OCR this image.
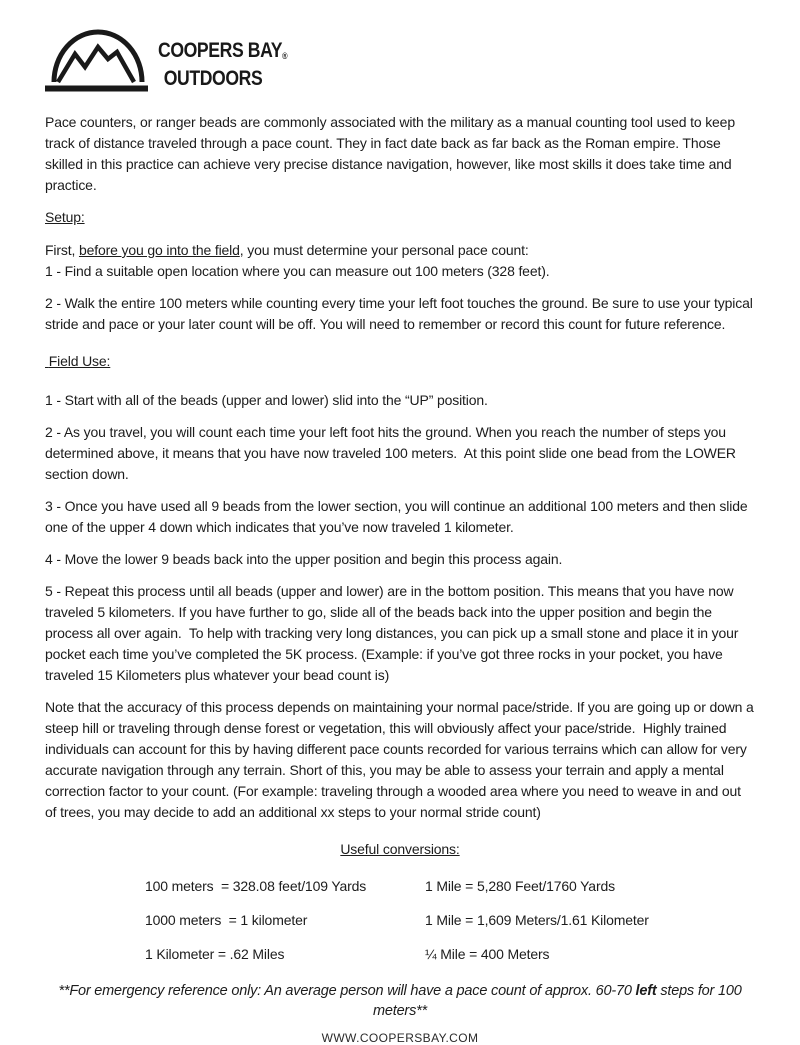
COOPERS BAY®
OUTDOORS

Pace counters, or ranger beads are commonly associated with the military as a manual counting tool used to keep track of distance traveled through a pace count. They in fact date back as far back as the Roman empire. Those skilled in this practice can achieve very precise distance navigation, however, like most skills it does take time and practice.

Setup:

First, before you go into the field, you must determine your personal pace count:

1 - Find a suitable open location where you can measure out 100 meters (328 feet).

2 - Walk the entire 100 meters while counting every time your left foot touches the ground. Be sure to use your typical stride and pace or your later count will be off. You will need to remember or record this count for future reference.

Field Use:

1 - Start with all of the beads (upper and lower) slid into the “UP” position.

2 - As you travel, you will count each time your left foot hits the ground. When you reach the number of steps you determined above, it means that you have now traveled 100 meters.  At this point slide one bead from the LOWER section down.

3 - Once you have used all 9 beads from the lower section, you will continue an additional 100 meters and then slide one of the upper 4 down which indicates that you’ve now traveled 1 kilometer.

4 - Move the lower 9 beads back into the upper position and begin this process again.

5 - Repeat this process until all beads (upper and lower) are in the bottom position. This means that you have now traveled 5 kilometers. If you have further to go, slide all of the beads back into the upper position and begin the process all over again.  To help with tracking very long distances, you can pick up a small stone and place it in your pocket each time you’ve completed the 5K process. (Example: if you’ve got three rocks in your pocket, you have traveled 15 Kilometers plus whatever your bead count is)

Note that the accuracy of this process depends on maintaining your normal pace/stride. If you are going up or down a steep hill or traveling through dense forest or vegetation, this will obviously affect your pace/stride.  Highly trained individuals can account for this by having different pace counts recorded for various terrains which can allow for very accurate navigation through any terrain. Short of this, you may be able to assess your terrain and apply a mental correction factor to your count. (For example: traveling through a wooded area where you need to weave in and out of trees, you may decide to add an additional xx steps to your normal stride count)

Useful conversions:
100 meters  = 328.08 feet/109 Yards	1 Mile = 5,280 Feet/1760 Yards
1000 meters  = 1 kilometer	1 Mile = 1,609 Meters/1.61 Kilometer
1 Kilometer = .62 Miles	¼ Mile = 400 Meters
**For emergency reference only: An average person will have a pace count of approx. 60-70 left steps for 100 meters**
WWW.COOPERSBAY.COM
